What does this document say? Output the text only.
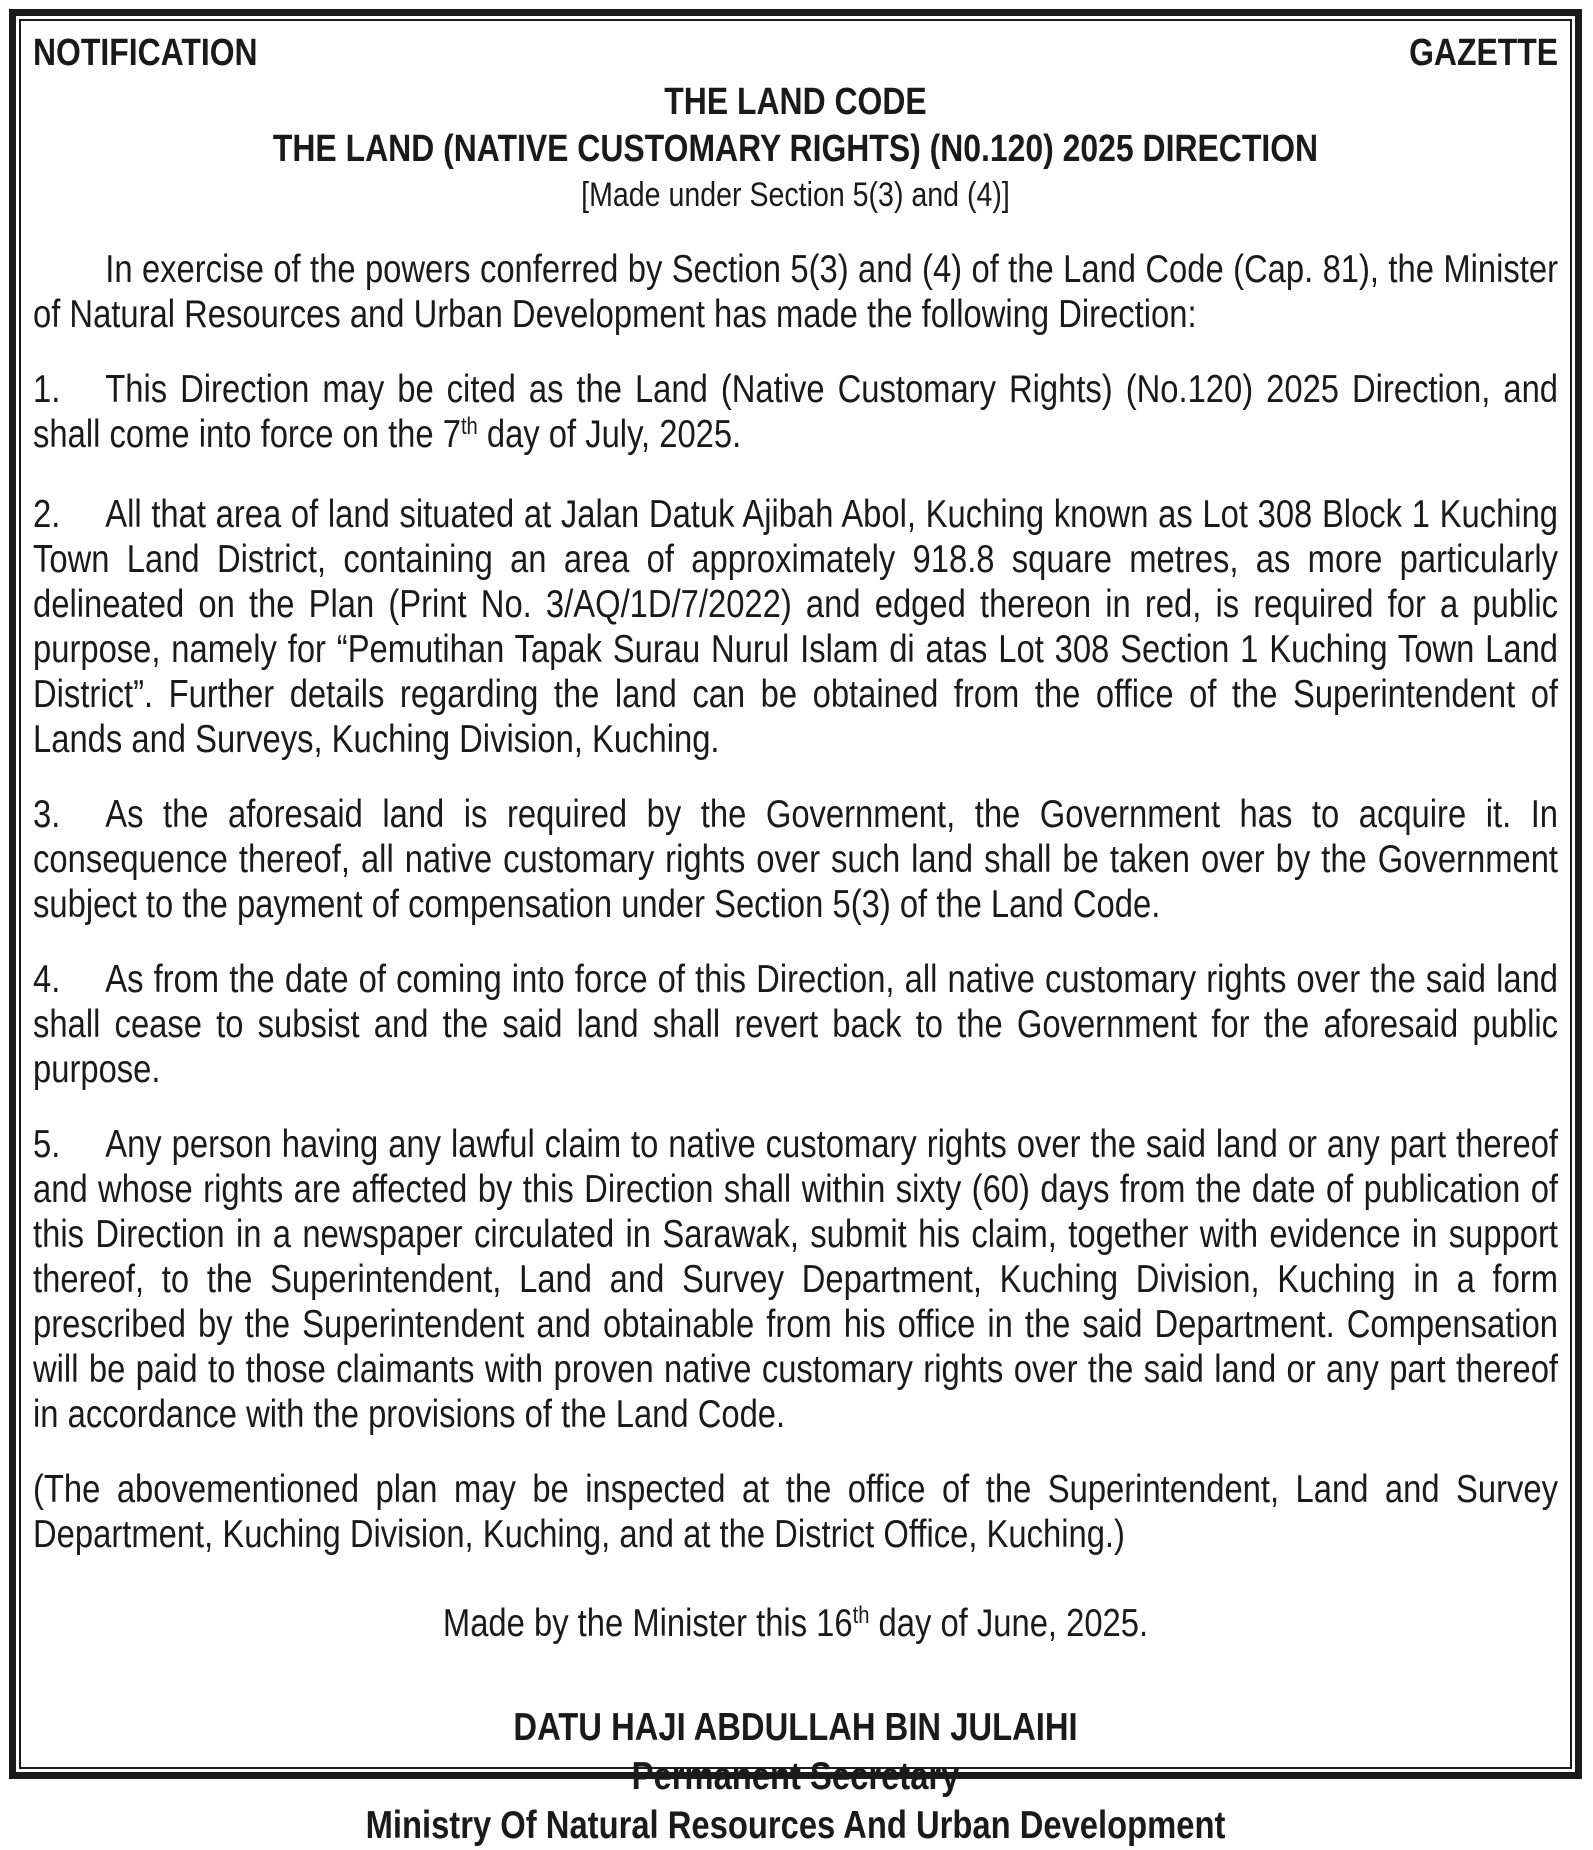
NOTIFICATION	GAZETTE
THE LAND CODE
THE LAND (NATIVE CUSTOMARY RIGHTS) (N0.120) 2025 DIRECTION
[Made under Section 5(3) and (4)]

In exercise of the powers conferred by Section 5(3) and (4) of the Land Code (Cap. 81), the Minister of Natural Resources and Urban Development has made the following Direction:

1. This Direction may be cited as the Land (Native Customary Rights) (No.120) 2025 Direction, and shall come into force on the 7th day of July, 2025.

2. All that area of land situated at Jalan Datuk Ajibah Abol, Kuching known as Lot 308 Block 1 Kuching Town Land District, containing an area of approximately 918.8 square metres, as more particularly delineated on the Plan (Print No. 3/AQ/1D/7/2022) and edged thereon in red, is required for a public purpose, namely for “Pemutihan Tapak Surau Nurul Islam di atas Lot 308 Section 1 Kuching Town Land District”. Further details regarding the land can be obtained from the office of the Superintendent of Lands and Surveys, Kuching Division, Kuching.

3. As the aforesaid land is required by the Government, the Government has to acquire it. In consequence thereof, all native customary rights over such land shall be taken over by the Government subject to the payment of compensation under Section 5(3) of the Land Code.

4. As from the date of coming into force of this Direction, all native customary rights over the said land shall cease to subsist and the said land shall revert back to the Government for the aforesaid public purpose.

5. Any person having any lawful claim to native customary rights over the said land or any part thereof and whose rights are affected by this Direction shall within sixty (60) days from the date of publication of this Direction in a newspaper circulated in Sarawak, submit his claim, together with evidence in support thereof, to the Superintendent, Land and Survey Department, Kuching Division, Kuching in a form prescribed by the Superintendent and obtainable from his office in the said Department. Compensation will be paid to those claimants with proven native customary rights over the said land or any part thereof in accordance with the provisions of the Land Code.

(The abovementioned plan may be inspected at the office of the Superintendent, Land and Survey Department, Kuching Division, Kuching, and at the District Office, Kuching.)

Made by the Minister this 16th day of June, 2025.

DATU HAJI ABDULLAH BIN JULAIHI
Permanent Secretary
Ministry Of Natural Resources And Urban Development
